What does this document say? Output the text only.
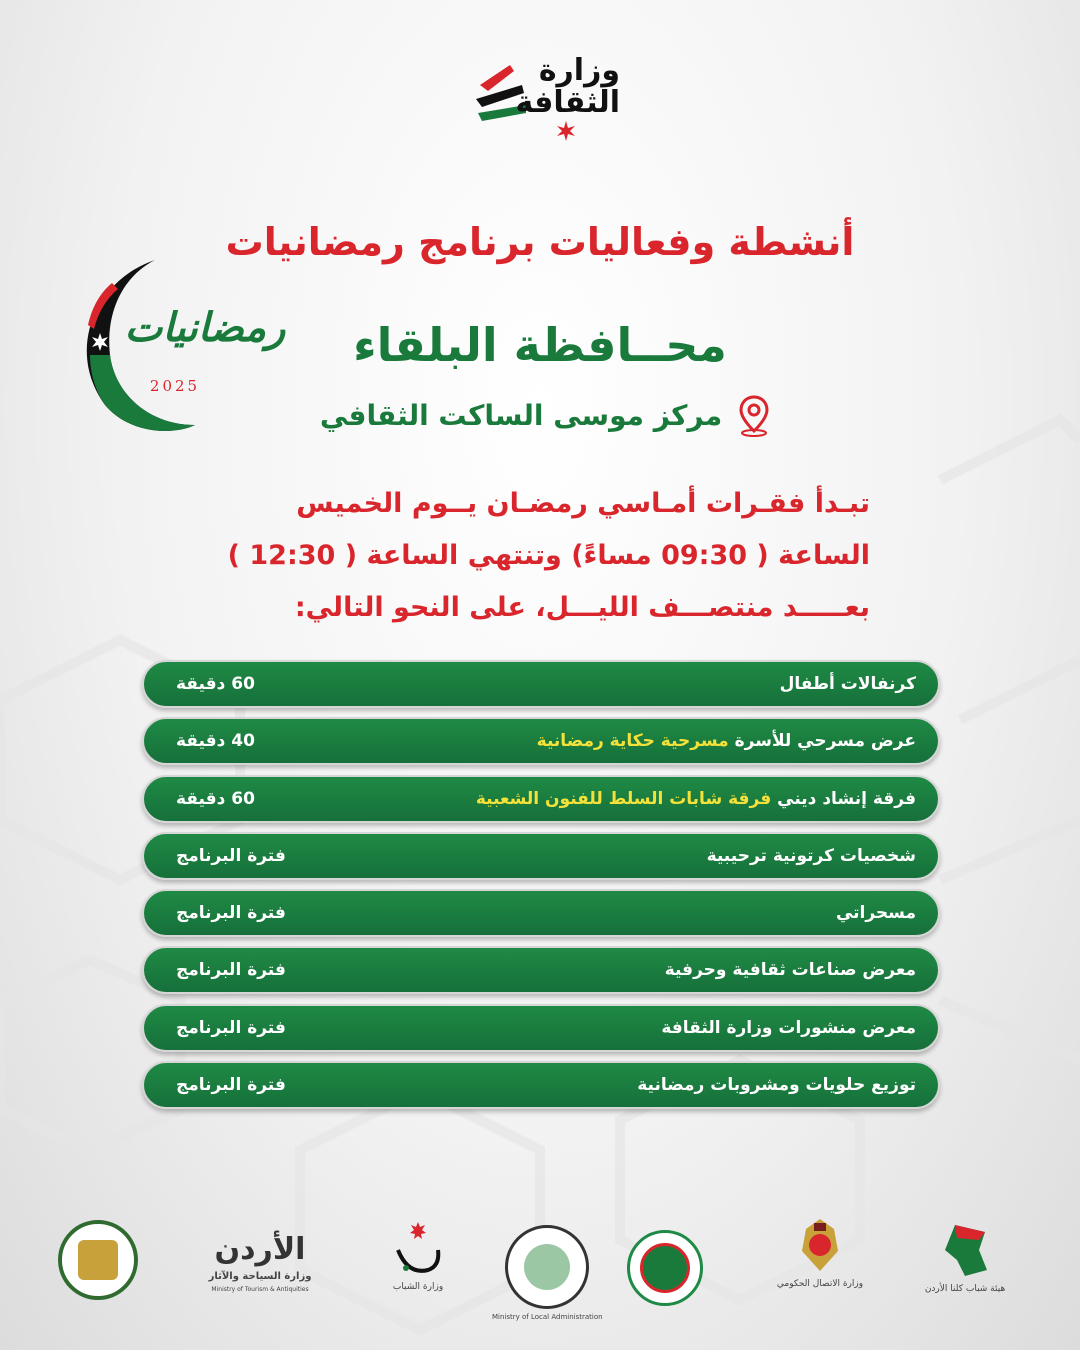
وزارة
الثقافة
أنشطة وفعاليات برنامج رمضانيات
رمضانيات
2025
محــافظة البلقاء
مركز موسى الساكت الثقافي
تبـدأ فقـرات أمـاسي رمضـان يــوم الخميس
الساعة ( 09:30 مساءً) وتنتهي الساعة ( 12:30 )
بعـــــد منتصـــف الليـــل، على النحو التالي:
كرنفالات أطفال
60 دقيقة
عرض مسرحي للأسرة مسرحية حكاية رمضانية
40 دقيقة
فرقة إنشاد ديني فرقة شابات السلط للفنون الشعبية
60 دقيقة
شخصيات كرتونية ترحيبية
فترة البرنامج
مسحراتي
فترة البرنامج
معرض صناعات ثقافية وحرفية
فترة البرنامج
معرض منشورات وزارة الثقافة
فترة البرنامج
توزيع حلويات ومشروبات رمضانية
فترة البرنامج
هيئة شباب كلنا الأردن
وزارة الاتصال الحكومي
Ministry of Local Administration
وزارة الشباب
الأردن
وزارة السياحة والآثار
Ministry of Tourism & Antiquities
